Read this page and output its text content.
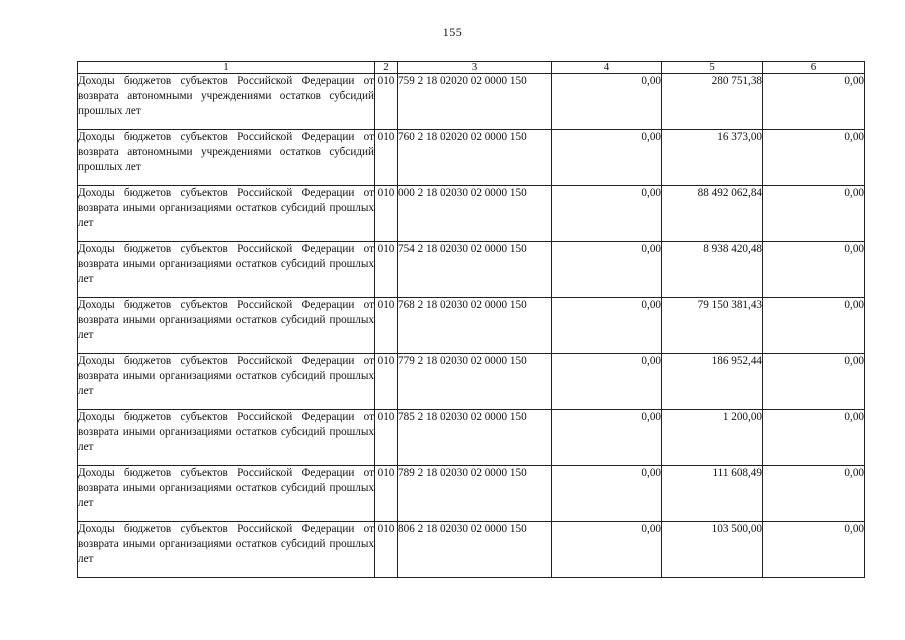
155
1	2	3	4	5	6
Доходы бюджетов субъектов Российской Федерации от возврата автономными учреждениями остатков субсидий прошлых лет	010	759 2 18 02020 02 0000 150	0,00	280 751,38	0,00
Доходы бюджетов субъектов Российской Федерации от возврата автономными учреждениями остатков субсидий прошлых лет	010	760 2 18 02020 02 0000 150	0,00	16 373,00	0,00
Доходы бюджетов субъектов Российской Федерации от возврата иными организациями остатков субсидий прошлых лет	010	000 2 18 02030 02 0000 150	0,00	88 492 062,84	0,00
Доходы бюджетов субъектов Российской Федерации от возврата иными организациями остатков субсидий прошлых лет	010	754 2 18 02030 02 0000 150	0,00	8 938 420,48	0,00
Доходы бюджетов субъектов Российской Федерации от возврата иными организациями остатков субсидий прошлых лет	010	768 2 18 02030 02 0000 150	0,00	79 150 381,43	0,00
Доходы бюджетов субъектов Российской Федерации от возврата иными организациями остатков субсидий прошлых лет	010	779 2 18 02030 02 0000 150	0,00	186 952,44	0,00
Доходы бюджетов субъектов Российской Федерации от возврата иными организациями остатков субсидий прошлых лет	010	785 2 18 02030 02 0000 150	0,00	1 200,00	0,00
Доходы бюджетов субъектов Российской Федерации от возврата иными организациями остатков субсидий прошлых лет	010	789 2 18 02030 02 0000 150	0,00	111 608,49	0,00
Доходы бюджетов субъектов Российской Федерации от возврата иными организациями остатков субсидий прошлых лет	010	806 2 18 02030 02 0000 150	0,00	103 500,00	0,00
